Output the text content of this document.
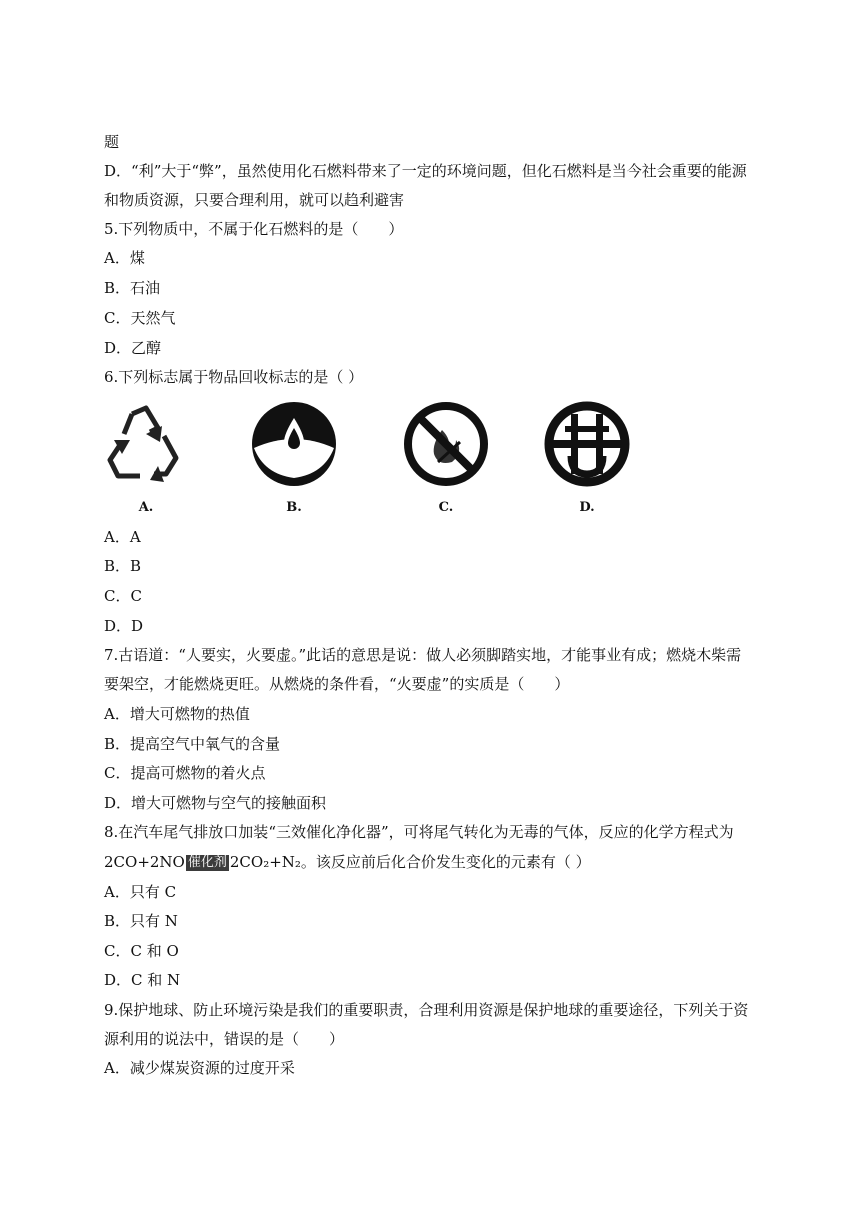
题
D．“利”大于“弊”，虽然使用化石燃料带来了一定的环境问题，但化石燃料是当今社会重要的能源
和物质资源，只要合理利用，就可以趋利避害
5.下列物质中，不属于化石燃料的是（　　）
A．煤
B．石油
C．天然气
D．乙醇
6.下列标志属于物品回收标志的是（ ）
A.	B.	C.	D.
A．A
B．B
C．C
D．D
7.古语道：“人要实，火要虚。”此话的意思是说：做人必须脚踏实地，才能事业有成；燃烧木柴需
要架空，才能燃烧更旺。从燃烧的条件看，“火要虚”的实质是（　　）
A．增大可燃物的热值
B．提高空气中氧气的含量
C．提高可燃物的着火点
D．增大可燃物与空气的接触面积
8.在汽车尾气排放口加装“三效催化净化器”，可将尾气转化为无毒的气体，反应的化学方程式为
2CO+2NO 催化剂 2CO₂+N₂。该反应前后化合价发生变化的元素有（ ）
A．只有 C
B．只有 N
C．C 和 O
D．C 和 N
9.保护地球、防止环境污染是我们的重要职责，合理利用资源是保护地球的重要途径，下列关于资
源利用的说法中，错误的是（　　）
A．减少煤炭资源的过度开采
